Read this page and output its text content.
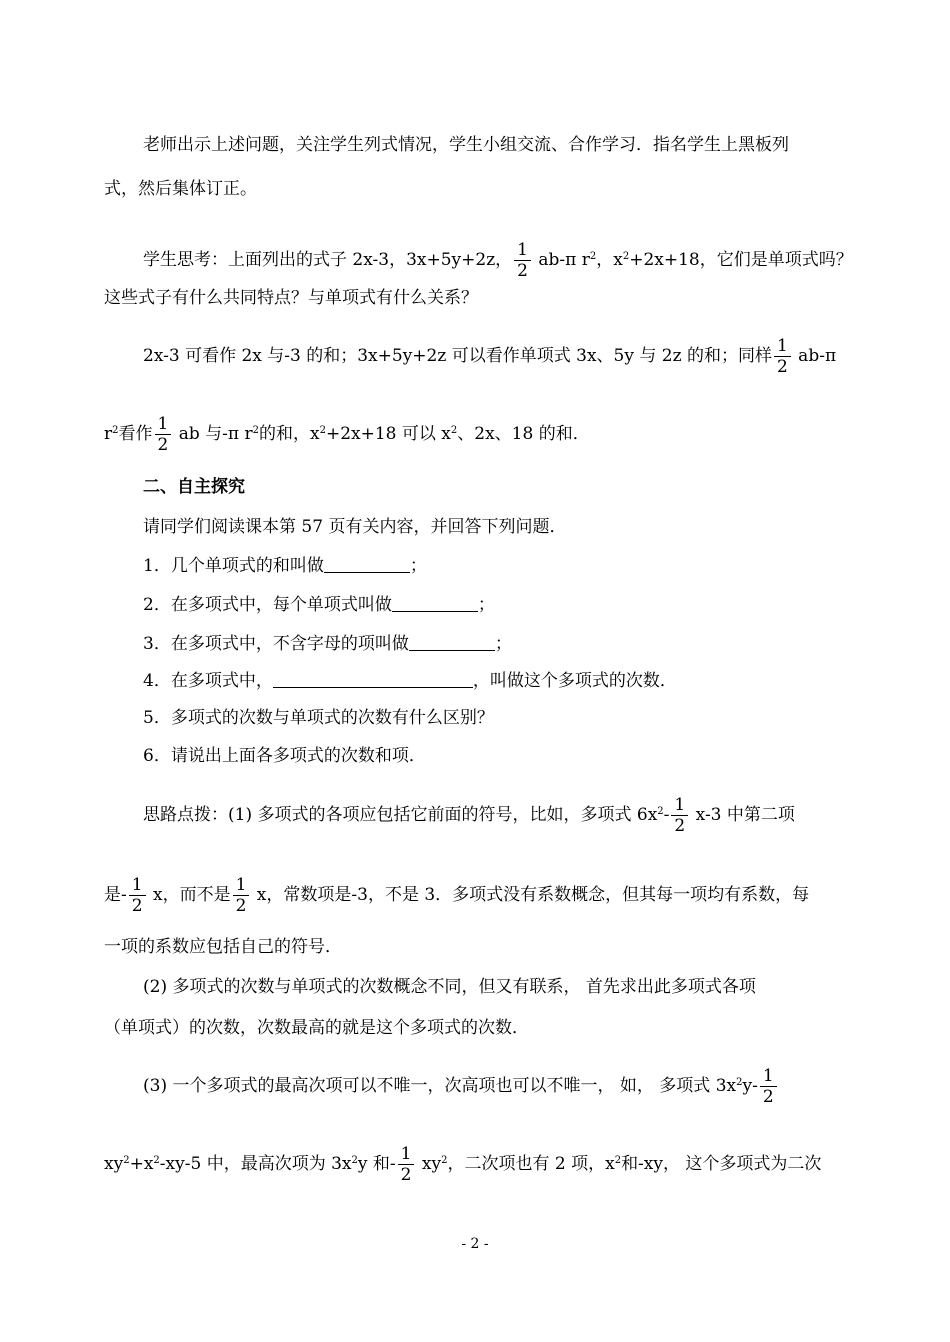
老师出示上述问题，关注学生列式情况，学生小组交流、合作学习．指名学生上黑板列
式，然后集体订正。
学生思考：上面列出的式子 2x-3，3x+5y+2z， $\frac{1}{2} ab-\pi$ $r^2$，$x^2+2x+18$，它们是单项式吗？
这些式子有什么共同特点？与单项式有什么关系？
2x-3 可看作 2x 与-3 的和；3x+5y+2z 可以看作单项式 3x、5y 与 2z 的和；同样 $\frac{1}{2} ab-\pi$
$r^2$看作 $\frac{1}{2}$ ab 与-π $r^2$的和，$x^2+2x+18$ 可以 $x^2$、2x、18 的和．
二、自主探究
请同学们阅读课本第 57 页有关内容，并回答下列问题．
1．几个单项式的和叫做	；
2．在多项式中，每个单项式叫做	；
3．在多项式中，不含字母的项叫做	；
4．在多项式中，	，叫做这个多项式的次数．
5．多项式的次数与单项式的次数有什么区别？
6．请说出上面各多项式的次数和项．
思路点拨：(1) 多项式的各项应包括它前面的符号，比如，多项式 $6x^2- \frac{1}{2} x-3$ 中第二项
是- $\frac{1}{2}$ x，而不是 $\frac{1}{2}$ x，常数项是-3，不是 3．多项式没有系数概念，但其每一项均有系数，每
一项的系数应包括自己的符号．
(2) 多项式的次数与单项式的次数概念不同，但又有联系， 首先求出此多项式各项
（单项式）的次数，次数最高的就是这个多项式的次数．
(3) 一个多项式的最高次项可以不唯一，次高项也可以不唯一， 如， 多项式 $3x^2y- \frac{1}{2}$
$xy^2+x^2-xy-5$ 中，最高次项为 $3x^2y$ 和- $\frac{1}{2} xy^2$，二次项也有 2 项，$x^2$和-xy， 这个多项式为二次
- 2 -
